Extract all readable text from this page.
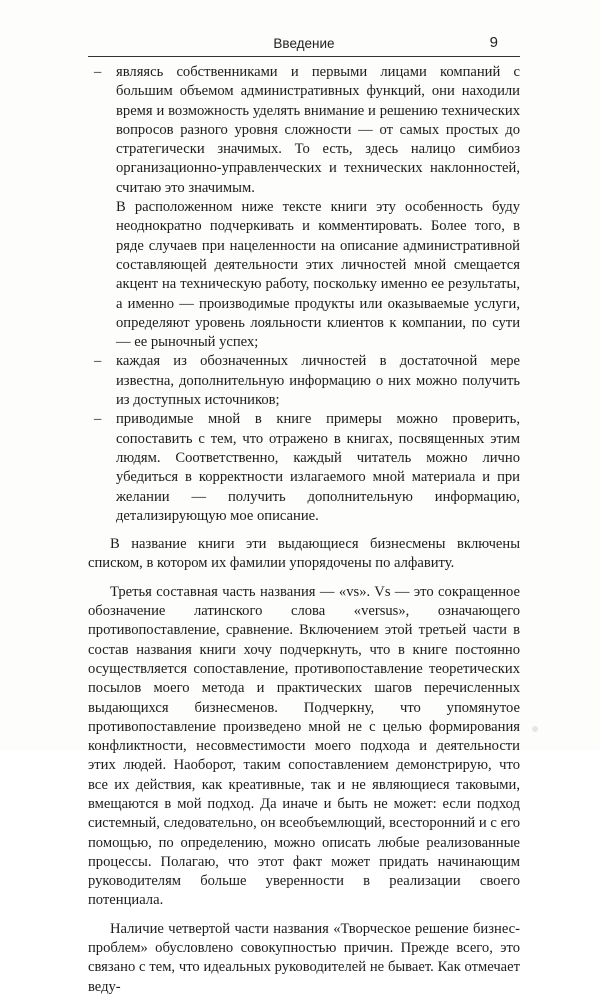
Введение	9
– являясь собственниками и первыми лицами компаний с большим объемом административных функций, они находили время и возможность уделять внимание и решению технических вопросов разного уровня сложности — от самых простых до стратегически значимых. То есть, здесь налицо симбиоз организационно-управленческих и технических наклонностей, считаю это значимым.

В расположенном ниже тексте книги эту особенность буду неоднократно подчеркивать и комментировать. Более того, в ряде случаев при нацеленности на описание административной составляющей деятельности этих личностей мной смещается акцент на техническую работу, поскольку именно ее результаты, а именно — производимые продукты или оказываемые услуги, определяют уровень лояльности клиентов к компании, по сути — ее рыночный успех;

– каждая из обозначенных личностей в достаточной мере известна, дополнительную информацию о них можно получить из доступных источников;

– приводимые мной в книге примеры можно проверить, сопоставить с тем, что отражено в книгах, посвященных этим людям. Соответственно, каждый читатель можно лично убедиться в корректности излагаемого мной материала и при желании — получить дополнительную информацию, детализирующую мое описание.

В название книги эти выдающиеся бизнесмены включены списком, в котором их фамилии упорядочены по алфавиту.

Третья составная часть названия — «vs». Vs — это сокращенное обозначение латинского слова «versus», означающего противопоставление, сравнение. Включением этой третьей части в состав названия книги хочу подчеркнуть, что в книге постоянно осуществляется сопоставление, противопоставление теоретических посылов моего метода и практических шагов перечисленных выдающихся бизнесменов. Подчеркну, что упомянутое противопоставление произведено мной не с целью формирования конфликтности, несовместимости моего подхода и деятельности этих людей. Наоборот, таким сопоставлением демонстрирую, что все их действия, как креативные, так и не являющиеся таковыми, вмещаются в мой подход. Да иначе и быть не может: если подход системный, следовательно, он всеобъемлющий, всесторонний и с его помощью, по определению, можно описать любые реализованные процессы. Полагаю, что этот факт может придать начинающим руководителям больше уверенности в реализации своего потенциала.

Наличие четвертой части названия «Творческое решение бизнес-проблем» обусловлено совокупностью причин. Прежде всего, это связано с тем, что идеальных руководителей не бывает. Как отмечает веду-
